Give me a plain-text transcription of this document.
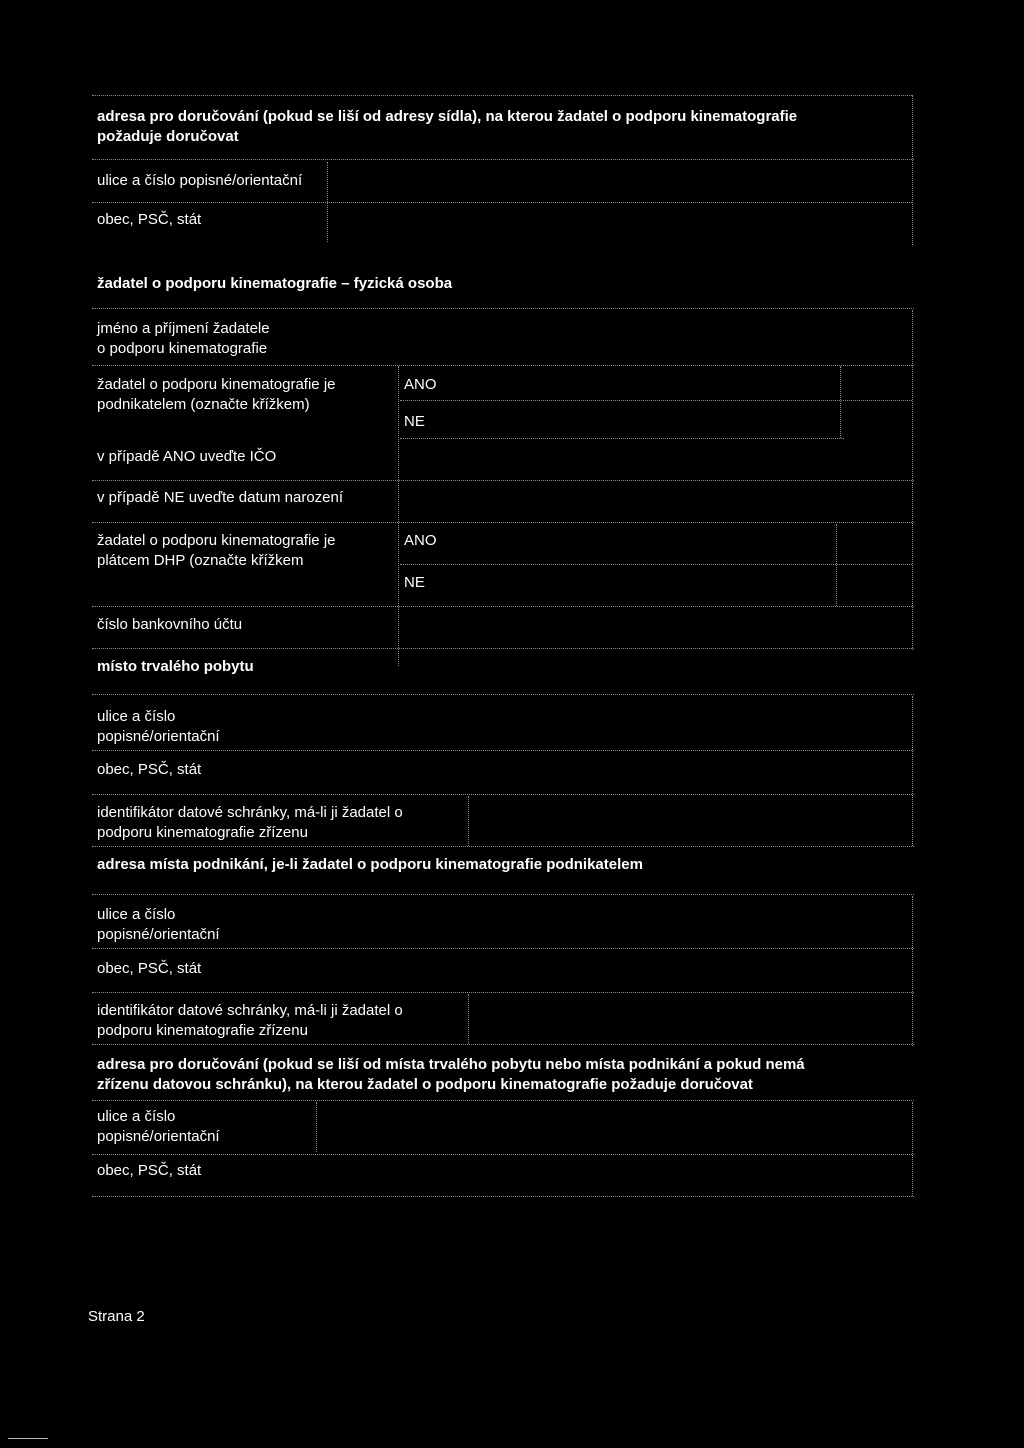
adresa pro doručování (pokud se liší od adresy sídla), na kterou žadatel o podporu kinematografie
požaduje doručovat
ulice a číslo popisné/orientační
obec, PSČ, stát
žadatel o podporu kinematografie – fyzická osoba
jméno a příjmení žadatele
o podporu kinematografie
žadatel o podporu kinematografie je
podnikatelem (označte křížkem)
ANO
NE
v případě ANO uveďte IČO
v případě NE uveďte datum narození
žadatel o podporu kinematografie je
plátcem DHP (označte křížkem
ANO
NE
číslo bankovního účtu
místo trvalého pobytu
ulice a číslo
popisné/orientační
obec, PSČ, stát
identifikátor datové schránky, má-li ji žadatel o
podporu kinematografie zřízenu
adresa místa podnikání, je-li žadatel o podporu kinematografie podnikatelem
ulice a číslo
popisné/orientační
obec, PSČ, stát
identifikátor datové schránky, má-li ji žadatel o
podporu kinematografie zřízenu
adresa pro doručování (pokud se liší od místa trvalého pobytu nebo místa podnikání a pokud nemá
zřízenu datovou schránku), na kterou žadatel o podporu kinematografie požaduje doručovat
ulice a číslo
popisné/orientační
obec, PSČ, stát
Strana 2
